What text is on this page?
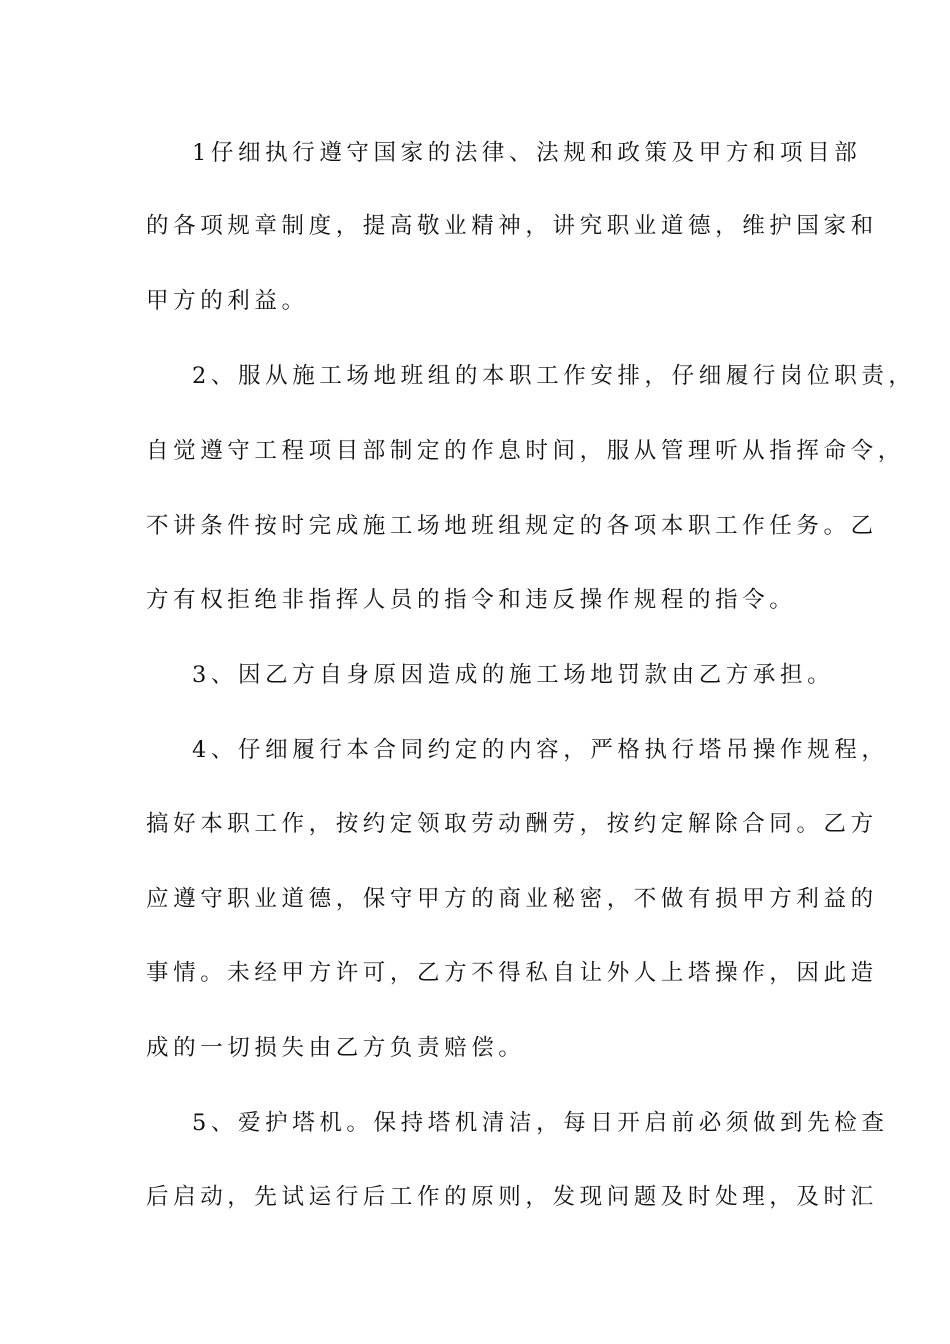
1仔细执行遵守国家的法律、法规和政策及甲方和项目部
的各项规章制度，提高敬业精神，讲究职业道德，维护国家和
甲方的利益。
2、服从施工场地班组的本职工作安排，仔细履行岗位职责，
自觉遵守工程项目部制定的作息时间，服从管理听从指挥命令，
不讲条件按时完成施工场地班组规定的各项本职工作任务。乙
方有权拒绝非指挥人员的指令和违反操作规程的指令。
3、因乙方自身原因造成的施工场地罚款由乙方承担。
4、仔细履行本合同约定的内容，严格执行塔吊操作规程，
搞好本职工作，按约定领取劳动酬劳，按约定解除合同。乙方
应遵守职业道德，保守甲方的商业秘密，不做有损甲方利益的
事情。未经甲方许可，乙方不得私自让外人上塔操作，因此造
成的一切损失由乙方负责赔偿。
5、爱护塔机。保持塔机清洁，每日开启前必须做到先检查
后启动，先试运行后工作的原则，发现问题及时处理，及时汇
